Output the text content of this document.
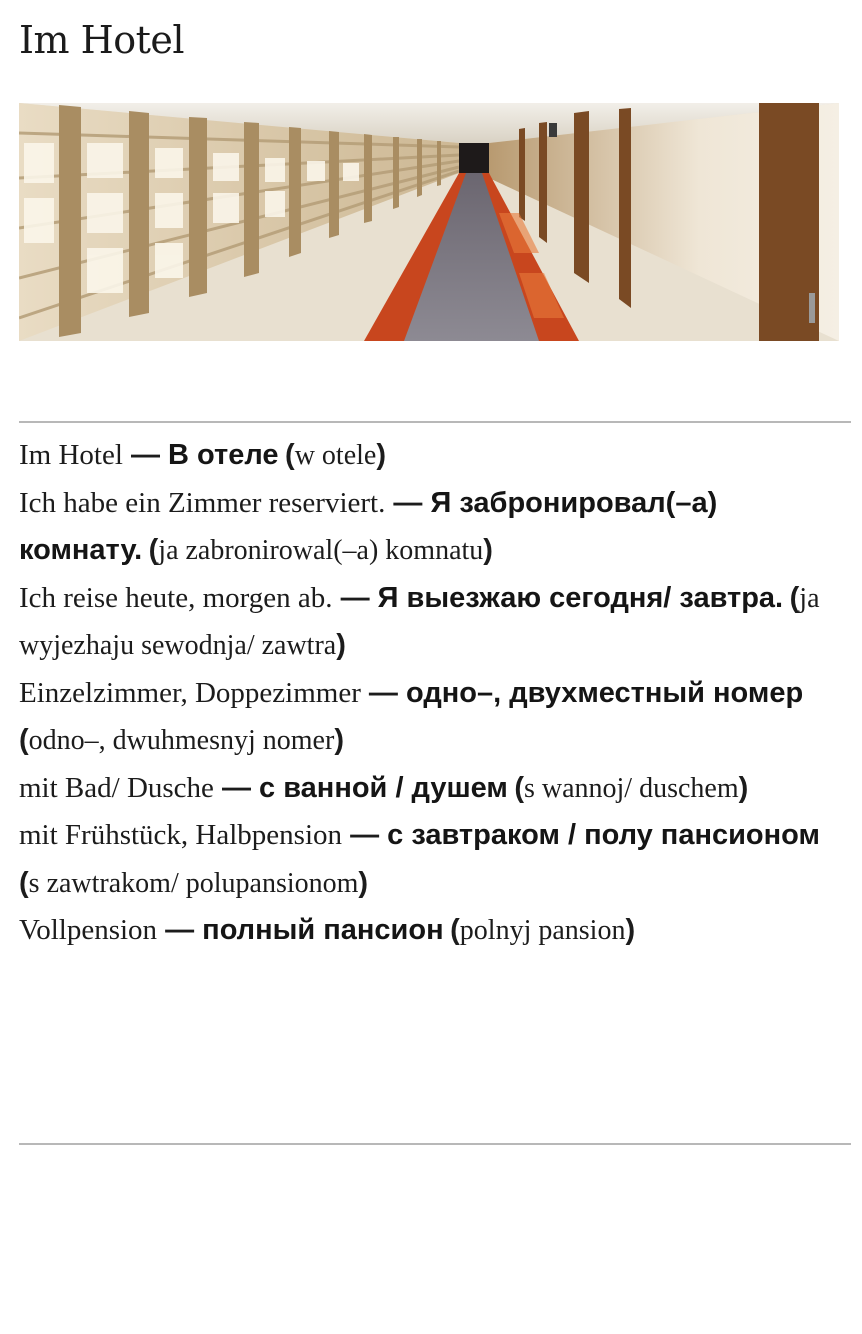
Im Hotel
Im Hotel — В отеле (w otele)
Ich habe ein Zimmer reserviert. — Я забронировал(–а) комнату. (ja zabronirowal(–a) komnatu)
Ich reise heute, morgen ab. — Я выезжаю сегодня/ завтра. (ja wyjezhaju sewodnja/ zawtra)
Einzelzimmer, Doppezimmer — одно–, двухместный номер (odno–, dwuhmesnyj nomer)
mit Bad/ Dusche — с ванной / душем (s wannoj/ duschem)
mit Frühstück, Halbpension — с завтраком / полу пансионом (s zawtrakom/ polupansionom)
Vollpension — полный пансион (polnyj pansion)
